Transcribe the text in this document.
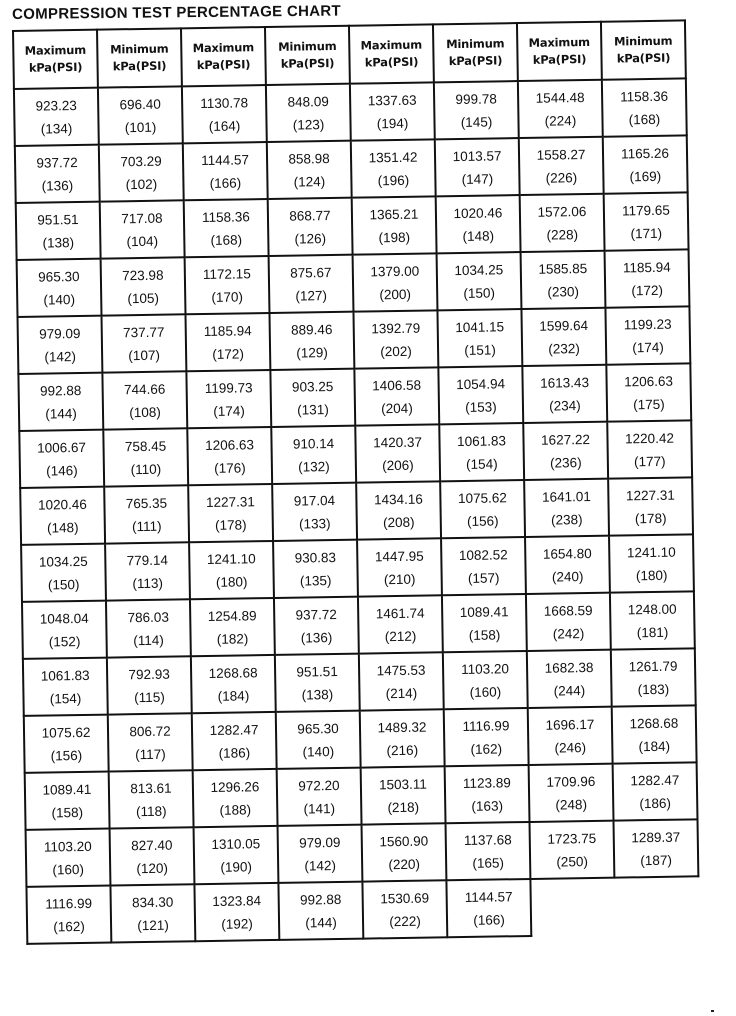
COMPRESSION TEST PERCENTAGE CHART
Maximum
kPa(PSI)	Minimum
kPa(PSI)	Maximum
kPa(PSI)	Minimum
kPa(PSI)	Maximum
kPa(PSI)	Minimum
kPa(PSI)	Maximum
kPa(PSI)	Minimum
kPa(PSI)

923.23
(134)	696.40
(101)	1130.78
(164)	848.09
(123)	1337.63
(194)	999.78
(145)	1544.48
(224)	1158.36
(168)

937.72
(136)	703.29
(102)	1144.57
(166)	858.98
(124)	1351.42
(196)	1013.57
(147)	1558.27
(226)	1165.26
(169)

951.51
(138)	717.08
(104)	1158.36
(168)	868.77
(126)	1365.21
(198)	1020.46
(148)	1572.06
(228)	1179.65
(171)

965.30
(140)	723.98
(105)	1172.15
(170)	875.67
(127)	1379.00
(200)	1034.25
(150)	1585.85
(230)	1185.94
(172)

979.09
(142)	737.77
(107)	1185.94
(172)	889.46
(129)	1392.79
(202)	1041.15
(151)	1599.64
(232)	1199.23
(174)

992.88
(144)	744.66
(108)	1199.73
(174)	903.25
(131)	1406.58
(204)	1054.94
(153)	1613.43
(234)	1206.63
(175)

1006.67
(146)	758.45
(110)	1206.63
(176)	910.14
(132)	1420.37
(206)	1061.83
(154)	1627.22
(236)	1220.42
(177)

1020.46
(148)	765.35
(111)	1227.31
(178)	917.04
(133)	1434.16
(208)	1075.62
(156)	1641.01
(238)	1227.31
(178)

1034.25
(150)	779.14
(113)	1241.10
(180)	930.83
(135)	1447.95
(210)	1082.52
(157)	1654.80
(240)	1241.10
(180)

1048.04
(152)	786.03
(114)	1254.89
(182)	937.72
(136)	1461.74
(212)	1089.41
(158)	1668.59
(242)	1248.00
(181)

1061.83
(154)	792.93
(115)	1268.68
(184)	951.51
(138)	1475.53
(214)	1103.20
(160)	1682.38
(244)	1261.79
(183)

1075.62
(156)	806.72
(117)	1282.47
(186)	965.30
(140)	1489.32
(216)	1116.99
(162)	1696.17
(246)	1268.68
(184)

1089.41
(158)	813.61
(118)	1296.26
(188)	972.20
(141)	1503.11
(218)	1123.89
(163)	1709.96
(248)	1282.47
(186)

1103.20
(160)	827.40
(120)	1310.05
(190)	979.09
(142)	1560.90
(220)	1137.68
(165)	1723.75
(250)	1289.37
(187)

1116.99
(162)	834.30
(121)	1323.84
(192)	992.88
(144)	1530.69
(222)	1144.57
(166)		
